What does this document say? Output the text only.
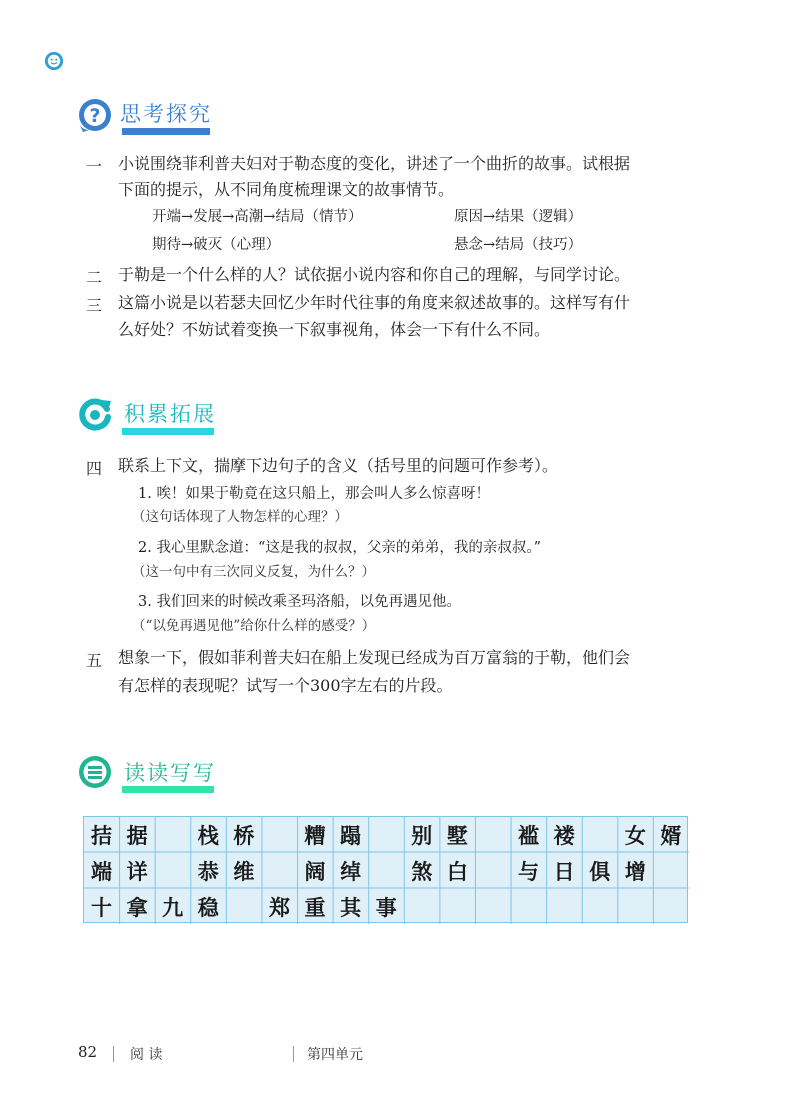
? 思考探究
一 小说围绕菲利普夫妇对于勒态度的变化，讲述了一个曲折的故事。试根据
下面的提示，从不同角度梳理课文的故事情节。
开端→发展→高潮→结局（情节）	原因→结果（逻辑）
期待→破灭（心理）	悬念→结局（技巧）
二 于勒是一个什么样的人？试依据小说内容和你自己的理解，与同学讨论。
三 这篇小说是以若瑟夫回忆少年时代往事的角度来叙述故事的。这样写有什
么好处？不妨试着变换一下叙事视角，体会一下有什么不同。
积累拓展
四 联系上下文，揣摩下边句子的含义（括号里的问题可作参考）。
1. 唉！如果于勒竟在这只船上，那会叫人多么惊喜呀！
（这句话体现了人物怎样的心理？）
2. 我心里默念道：“这是我的叔叔，父亲的弟弟，我的亲叔叔。”
（这一句中有三次同义反复，为什么？）
3. 我们回来的时候改乘圣玛洛船，以免再遇见他。
（“以免再遇见他”给你什么样的感受？）
五 想象一下，假如菲利普夫妇在船上发现已经成为百万富翁的于勒，他们会
有怎样的表现呢？试写一个300字左右的片段。
读读写写
拮 据	栈 桥	糟 蹋	别 墅	褴 褛	女 婿
端 详	恭 维	阔 绰	煞 白	与 日 俱 增
十 拿 九 稳	郑 重 其 事
82 阅 读	第四单元
